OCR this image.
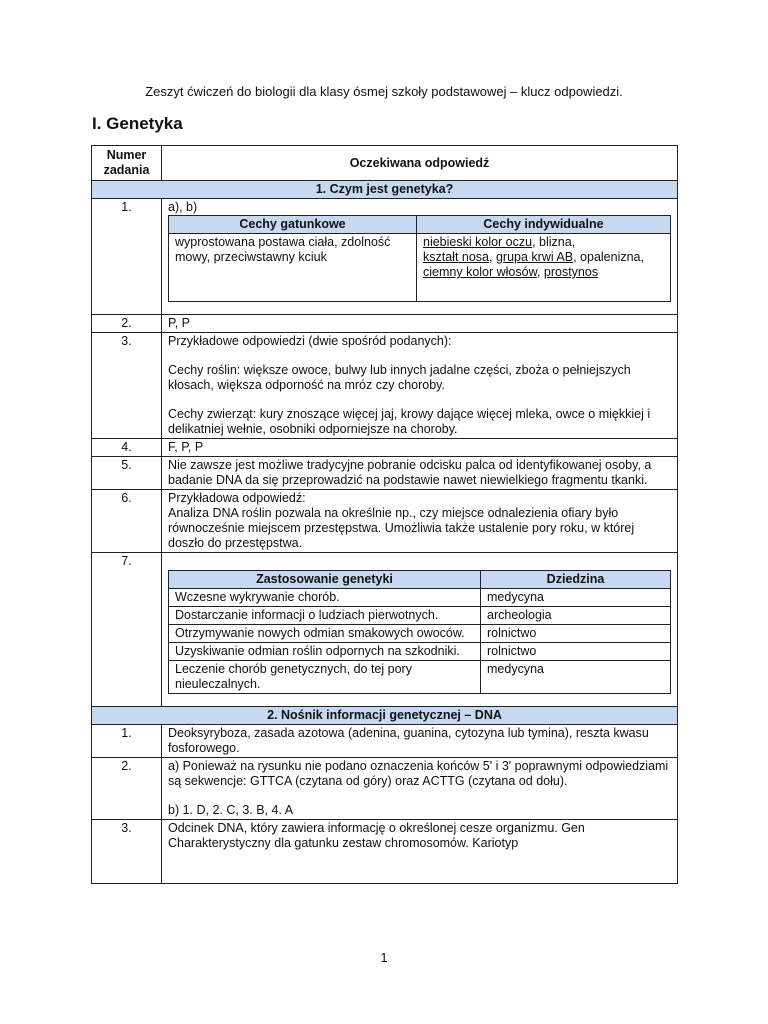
Zeszyt ćwiczeń do biologii dla klasy ósmej szkoły podstawowej – klucz odpowiedzi.
I. Genetyka
Numer
zadania
	Oczekiwana odpowiedź
1. Czym jest genetyka?
1.	a), b)
Cechy gatunkowe	Cechy indywidualne
wyprostowana postawa ciała, zdolność mowy, przeciwstawny kciuk	niebieski kolor oczu, blizna,
kształt nosa, grupa krwi AB, opalenizna,
ciemny kolor włosów, prostynos

2.	P, P
3.	Przykładowe odpowiedzi (dwie spośród podanych):

Cechy roślin: większe owoce, bulwy lub innych jadalne części, zboża o pełniejszych kłosach, większa odporność na mróz czy choroby.

Cechy zwierząt: kury znoszące więcej jaj, krowy dające więcej mleka, owce o miękkiej i delikatniej wełnie, osobniki odporniejsze na choroby.

4.	F, P, P
5.	Nie zawsze jest możliwe tradycyjne pobranie odcisku palca od identyfikowanej osoby, a badanie DNA da się przeprowadzić na podstawie nawet niewielkiego fragmentu tkanki.
6.	Przykładowa odpowiedź:

Analiza DNA roślin pozwala na określnie np., czy miejsce odnalezienia ofiary było równocześnie miejscem przestępstwa. Umożliwia także ustalenie pory roku, w której doszło do przestępstwa.

7.	
Zastosowanie genetyki	Dziedzina
Wczesne wykrywanie chorób.	medycyna
Dostarczanie informacji o ludziach pierwotnych.	archeologia
Otrzymywanie nowych odmian smakowych owoców.	rolnictwo
Uzyskiwanie odmian roślin odpornych na szkodniki.	rolnictwo
Leczenie chorób genetycznych, do tej pory nieuleczalnych.	medycyna

2. Nośnik informacji genetycznej – DNA
1.	Deoksyryboza, zasada azotowa (adenina, guanina, cytozyna lub tymina), reszta kwasu fosforowego.
2.	a) Ponieważ na rysunku nie podano oznaczenia końców 5' i 3' poprawnymi odpowiedziami są sekwencje: GTTCA (czytana od góry) oraz ACTTG (czytana od dołu).

b) 1. D, 2. C, 3. B, 4. A

3.	Odcinek DNA, który zawiera informację o określonej cesze organizmu. Gen Charakterystyczny dla gatunku zestaw chromosomów. Kariotyp
1
